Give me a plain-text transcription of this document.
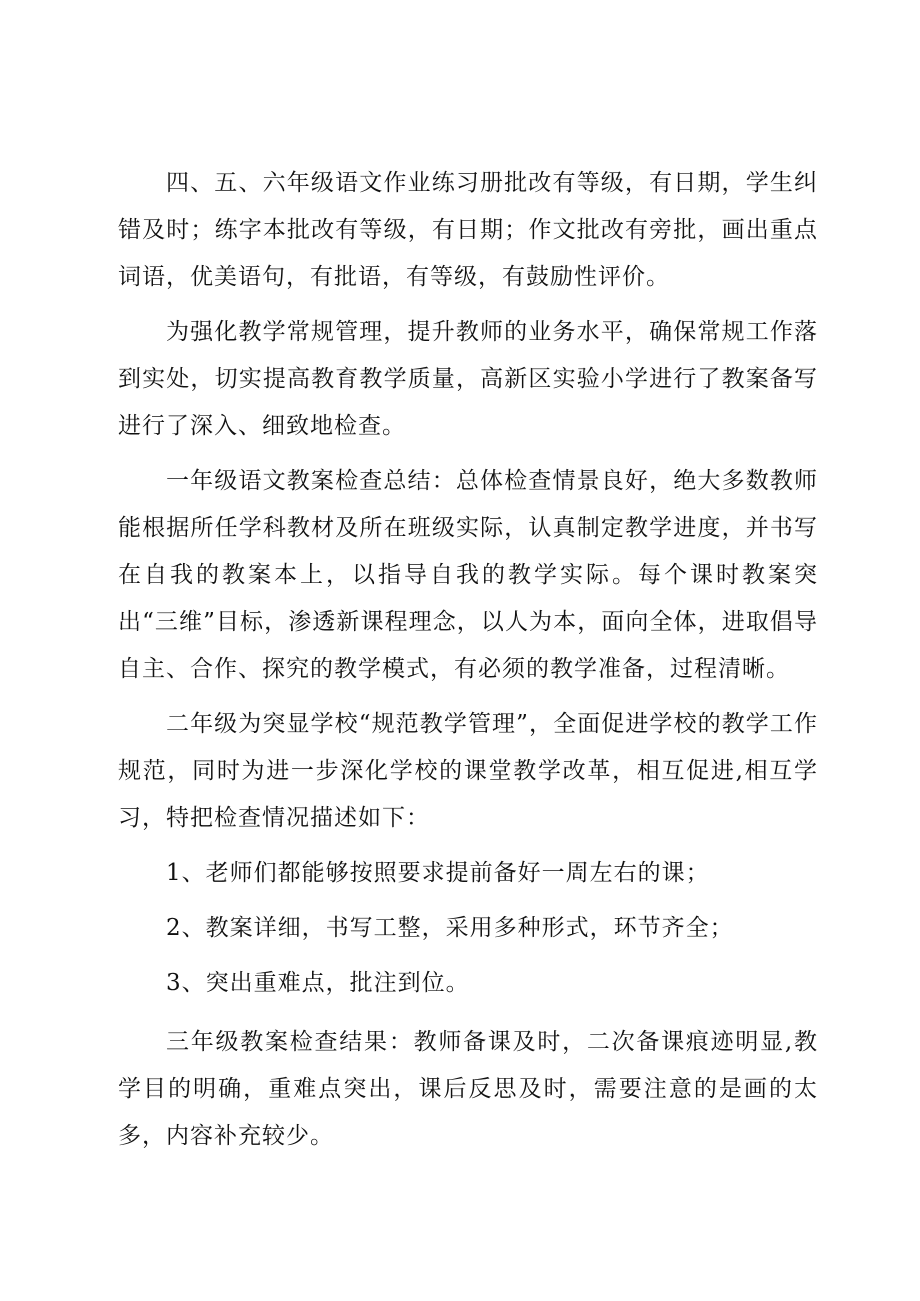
四、五、六年级语文作业练习册批改有等级，有日期，学生纠错及时；练字本批改有等级，有日期；作文批改有旁批，画出重点词语，优美语句，有批语，有等级，有鼓励性评价。

为强化教学常规管理，提升教师的业务水平，确保常规工作落到实处，切实提高教育教学质量，高新区实验小学进行了教案备写进行了深入、细致地检查。

一年级语文教案检查总结：总体检查情景良好，绝大多数教师能根据所任学科教材及所在班级实际，认真制定教学进度，并书写在自我的教案本上，以指导自我的教学实际。每个课时教案突出“三维”目标，渗透新课程理念，以人为本，面向全体，进取倡导自主、合作、探究的教学模式，有必须的教学准备，过程清晰。

二年级为突显学校“规范教学管理”，全面促进学校的教学工作规范，同时为进一步深化学校的课堂教学改革，相互促进,相互学习，特把检查情况描述如下：

1、老师们都能够按照要求提前备好一周左右的课；
2、教案详细，书写工整，采用多种形式，环节齐全；
3、突出重难点，批注到位。

三年级教案检查结果：教师备课及时，二次备课痕迹明显,教学目的明确，重难点突出，课后反思及时，需要注意的是画的太多，内容补充较少。
